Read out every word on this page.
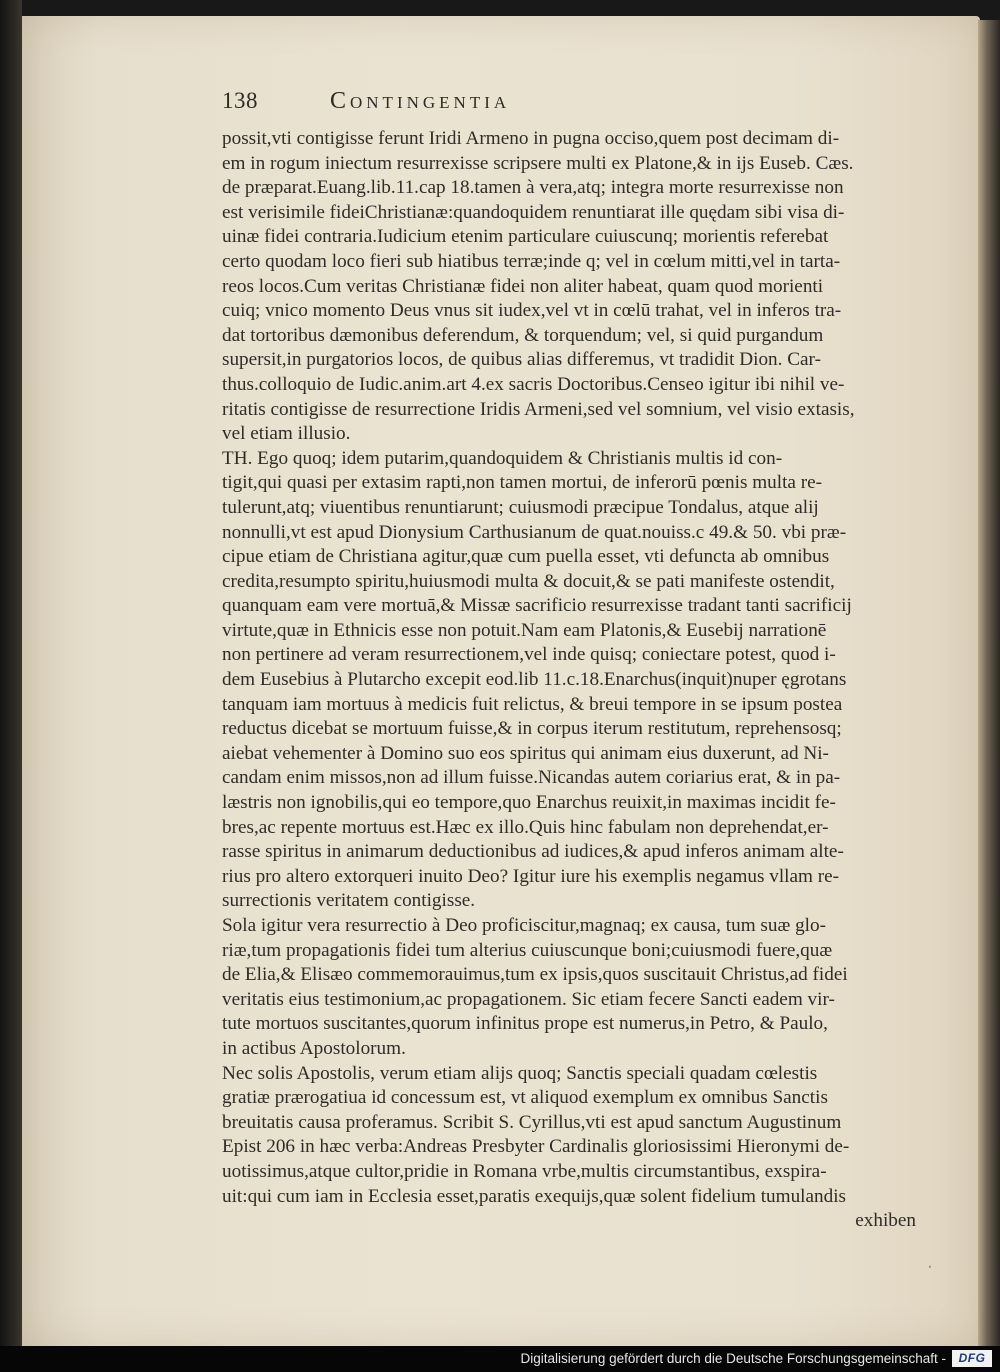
138	Contingentia
possit,vti contigisse ferunt Iridi Armeno in pugna occiso,quem post decimam di-
em in rogum iniectum resurrexisse scripsere multi ex Platone,& in ijs Euseb. Cæs.
de præparat.Euang.lib.11.cap 18.tamen à vera,atq; integra morte resurrexisse non
est verisimile fideiChristianæ:quandoquidem renuntiarat ille quędam sibi visa di-
uinæ fidei contraria.Iudicium etenim particulare cuiuscunq; morientis referebat
certo quodam loco fieri sub hiatibus terræ;inde q; vel in cœlum mitti,vel in tarta-
reos locos.Cum veritas Christianæ fidei non aliter habeat, quam quod morienti
cuiq; vnico momento Deus vnus sit iudex,vel vt in cœlū trahat, vel in inferos tra-
dat tortoribus dæmonibus deferendum, & torquendum; vel, si quid purgandum
supersit,in purgatorios locos, de quibus alias differemus, vt tradidit Dion. Car-
thus.colloquio de Iudic.anim.art 4.ex sacris Doctoribus.Censeo igitur ibi nihil ve-
ritatis contigisse de resurrectione Iridis Armeni,sed vel somnium, vel visio extasis,
vel etiam illusio.
TH. Ego quoq; idem putarim,quandoquidem & Christianis multis id con-
tigit,qui quasi per extasim rapti,non tamen mortui, de inferorū pœnis multa re-
tulerunt,atq; viuentibus renuntiarunt; cuiusmodi præcipue Tondalus, atque alij
nonnulli,vt est apud Dionysium Carthusianum de quat.nouiss.c 49.& 50. vbi præ-
cipue etiam de Christiana agitur,quæ cum puella esset, vti defuncta ab omnibus
credita,resumpto spiritu,huiusmodi multa & docuit,& se pati manifeste ostendit,
quanquam eam vere mortuā,& Missæ sacrificio resurrexisse tradant tanti sacrificij
virtute,quæ in Ethnicis esse non potuit.Nam eam Platonis,& Eusebij narrationē
non pertinere ad veram resurrectionem,vel inde quisq; coniectare potest, quod i-
dem Eusebius à Plutarcho excepit eod.lib 11.c.18.Enarchus(inquit)nuper ęgrotans
tanquam iam mortuus à medicis fuit relictus, & breui tempore in se ipsum postea
reductus dicebat se mortuum fuisse,& in corpus iterum restitutum, reprehensosq;
aiebat vehementer à Domino suo eos spiritus qui animam eius duxerunt, ad Ni-
candam enim missos,non ad illum fuisse.Nicandas autem coriarius erat, & in pa-
læstris non ignobilis,qui eo tempore,quo Enarchus reuixit,in maximas incidit fe-
bres,ac repente mortuus est.Hæc ex illo.Quis hinc fabulam non deprehendat,er-
rasse spiritus in animarum deductionibus ad iudices,& apud inferos animam alte-
rius pro altero extorqueri inuito Deo? Igitur iure his exemplis negamus vllam re-
surrectionis veritatem contigisse.
Sola igitur vera resurrectio à Deo proficiscitur,magnaq; ex causa, tum suæ glo-
riæ,tum propagationis fidei tum alterius cuiuscunque boni;cuiusmodi fuere,quæ
de Elia,& Elisæo commemorauimus,tum ex ipsis,quos suscitauit Christus,ad fidei
veritatis eius testimonium,ac propagationem. Sic etiam fecere Sancti eadem vir-
tute mortuos suscitantes,quorum infinitus prope est numerus,in Petro, & Paulo,
in actibus Apostolorum.
Nec solis Apostolis, verum etiam alijs quoq; Sanctis speciali quadam cœlestis
gratiæ prærogatiua id concessum est, vt aliquod exemplum ex omnibus Sanctis
breuitatis causa proferamus. Scribit S. Cyrillus,vti est apud sanctum Augustinum
Epist 206 in hæc verba:Andreas Presbyter Cardinalis gloriosissimi Hieronymi de-
uotissimus,atque cultor,pridie in Romana vrbe,multis circumstantibus, exspira-
uit:qui cum iam in Ecclesia esset,paratis exequijs,quæ solent fidelium tumulandis
exhiben
ꞏ
Digitalisierung gefördert durch die Deutsche Forschungsgemeinschaft -	DFG
